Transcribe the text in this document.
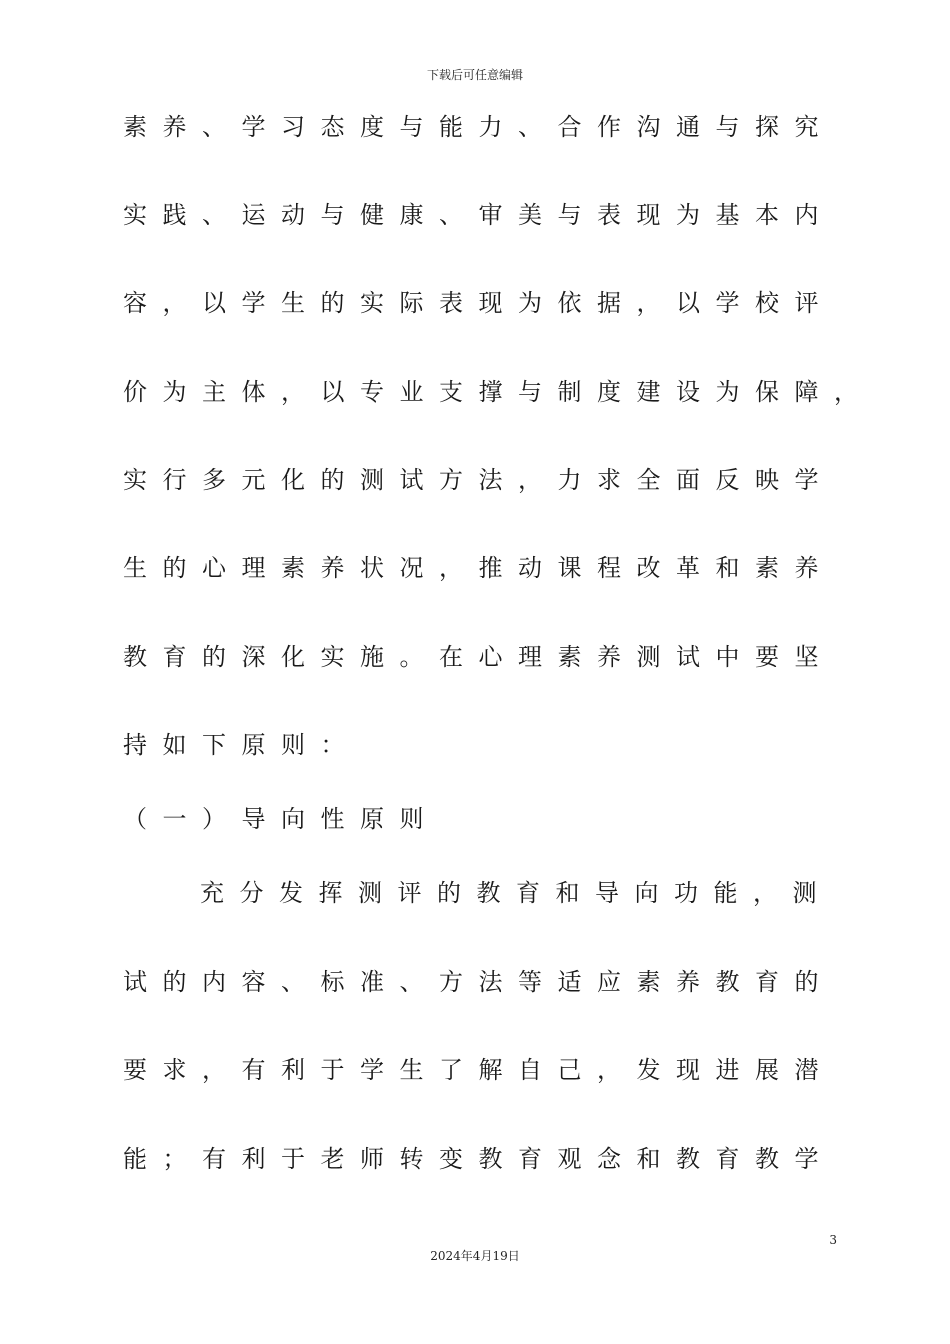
下载后可任意编辑
素养、学习态度与能力、合作沟通与探究
实践、运动与健康、审美与表现为基本内
容，以学生的实际表现为依据，以学校评
价为主体，以专业支撑与制度建设为保障，
实行多元化的测试方法，力求全面反映学
生的心理素养状况，推动课程改革和素养
教育的深化实施。在心理素养测试中要坚
持如下原则：
（一）导向性原则
充分发挥测评的教育和导向功能，测
试的内容、标准、方法等适应素养教育的
要求，有利于学生了解自己，发现进展潜
能；有利于老师转变教育观念和教育教学
3
2024年4月19日
